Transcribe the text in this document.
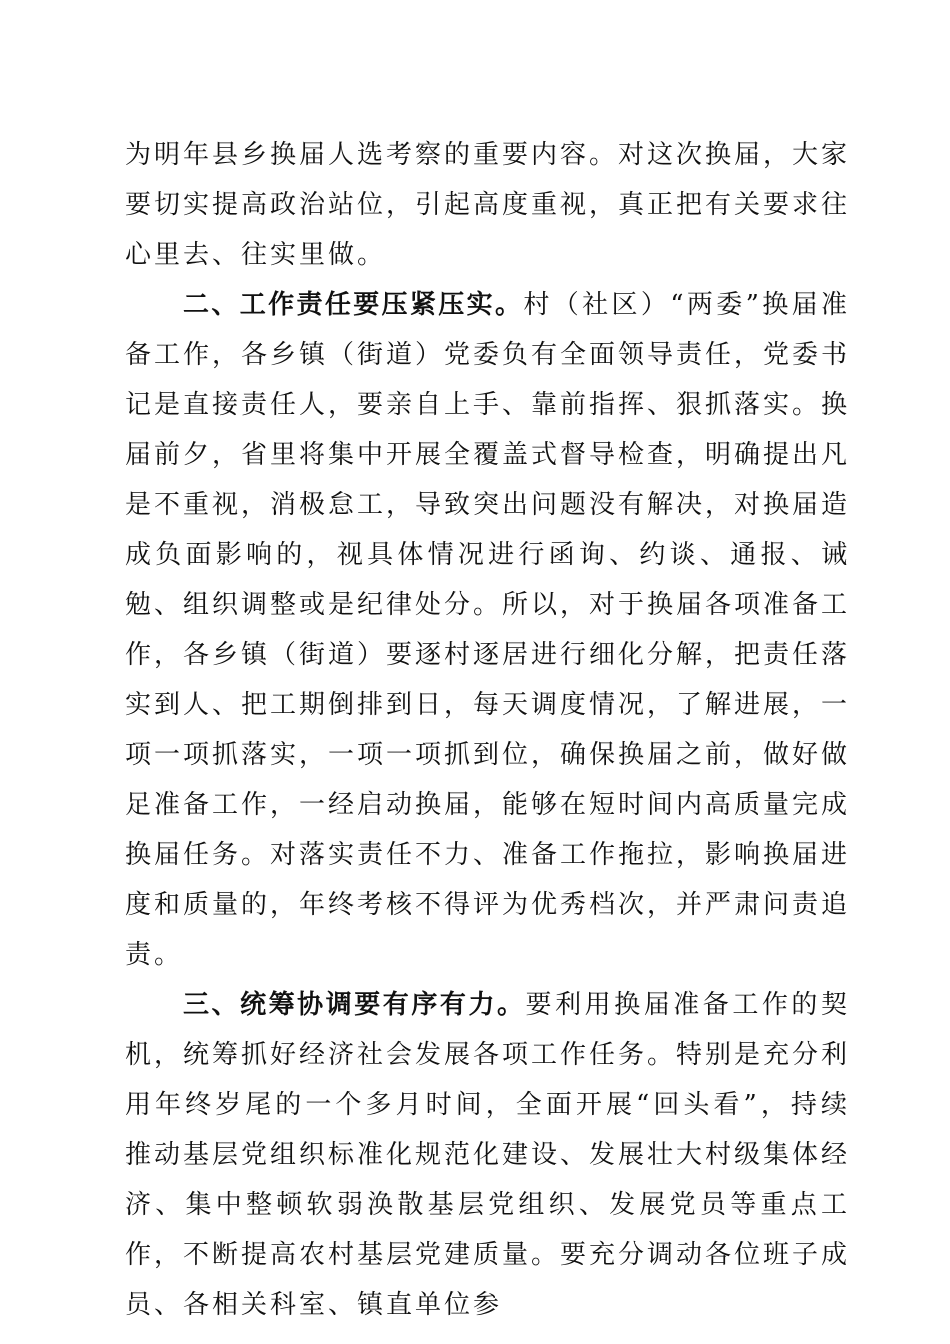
为明年县乡换届人选考察的重要内容。对这次换届，大家要切实提高政治站位，引起高度重视，真正把有关要求往心里去、往实里做。

二、工作责任要压紧压实。村（社区）“两委”换届准备工作，各乡镇（街道）党委负有全面领导责任，党委书记是直接责任人，要亲自上手、靠前指挥、狠抓落实。换届前夕，省里将集中开展全覆盖式督导检查，明确提出凡是不重视，消极怠工，导致突出问题没有解决，对换届造成负面影响的，视具体情况进行函询、约谈、通报、诫勉、组织调整或是纪律处分。所以，对于换届各项准备工作，各乡镇（街道）要逐村逐居进行细化分解，把责任落实到人、把工期倒排到日，每天调度情况，了解进展，一项一项抓落实，一项一项抓到位，确保换届之前，做好做足准备工作，一经启动换届，能够在短时间内高质量完成换届任务。对落实责任不力、准备工作拖拉，影响换届进度和质量的，年终考核不得评为优秀档次，并严肃问责追责。

三、统筹协调要有序有力。要利用换届准备工作的契机，统筹抓好经济社会发展各项工作任务。特别是充分利用年终岁尾的一个多月时间，全面开展“回头看”，持续推动基层党组织标准化规范化建设、发展壮大村级集体经济、集中整顿软弱涣散基层党组织、发展党员等重点工作，不断提高农村基层党建质量。要充分调动各位班子成员、各相关科室、镇直单位参
